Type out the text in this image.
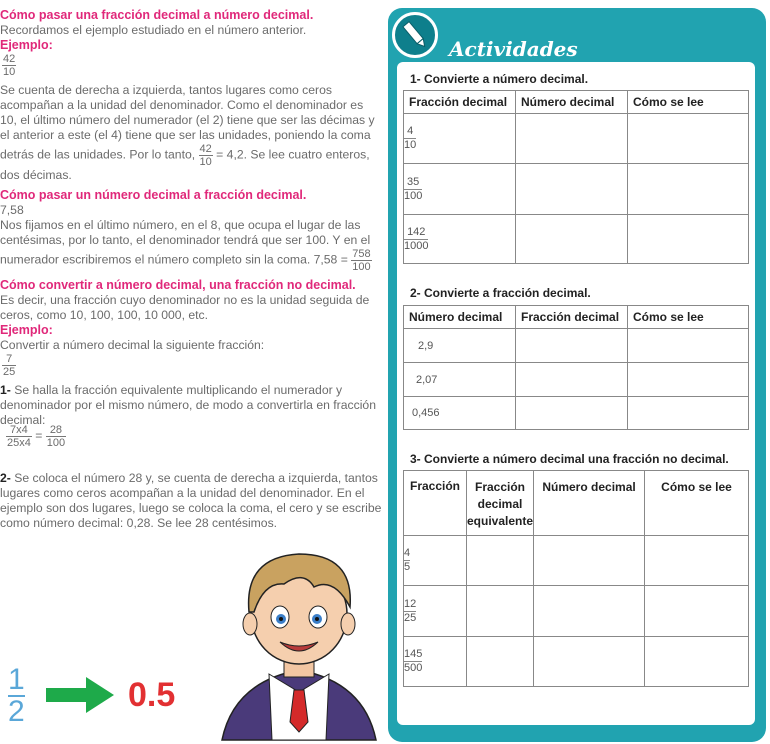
Cómo pasar una fracción decimal a número decimal.
Recordamos el ejemplo estudiado en el número anterior.
Ejemplo:
$\frac{42}{10}$
Se cuenta de derecha a izquierda, tantos lugares como ceros acompañan a la unidad del denominador. Como el denominador es 10, el último número del numerador (el 2) tiene que ser las décimas y el anterior a este (el 4) tiene que ser las unidades, poniendo la coma detrás de las unidades. Por lo tanto, $\frac{42}{10} = 4,2$. Se lee cuatro enteros, dos décimas.
Cómo pasar un número decimal a fracción decimal.
7,58
Nos fijamos en el último número, en el 8, que ocupa el lugar de las centésimas, por lo tanto, el denominador tendrá que ser 100. Y en el numerador escribiremos el número completo sin la coma. $7,58 = \frac{758}{100}$
Cómo convertir a número decimal, una fracción no decimal.
Es decir, una fracción cuyo denominador no es la unidad seguida de ceros, como 10, 100, 100, 10 000, etc.
Ejemplo:
Convertir a número decimal la siguiente fracción:
$\frac{7}{25}$
1- Se halla la fracción equivalente multiplicando el numerador y denominador por el mismo número, de modo a convertirla en fracción decimal:
$\frac{7x4}{25x4} = \frac{28}{100}$
2- Se coloca el número 28 y, se cuenta de derecha a izquierda, tantos lugares como ceros acompañan a la unidad del denominador. En el ejemplo son dos lugares, luego se coloca la coma, el cero y se escribe como número decimal: 0,28. Se lee 28 centésimos.
1
2	0.5
Actividades
1- Convierte a número decimal.
Fracción decimal	Número decimal	Cómo se lee

$\frac{4}{10}$

$\frac{35}{100}$

$\frac{142}{1000}$

2- Convierte a fracción decimal.
Número decimal	Fracción decimal	Cómo se lee
2,9		
2,07		
0,456		
3- Convierte a número decimal una fracción no decimal.
Fracción	Fracción decimal equivalente	Número decimal	Cómo se lee

$\frac{4}{5}$

$\frac{12}{25}$

$\frac{145}{500}$
